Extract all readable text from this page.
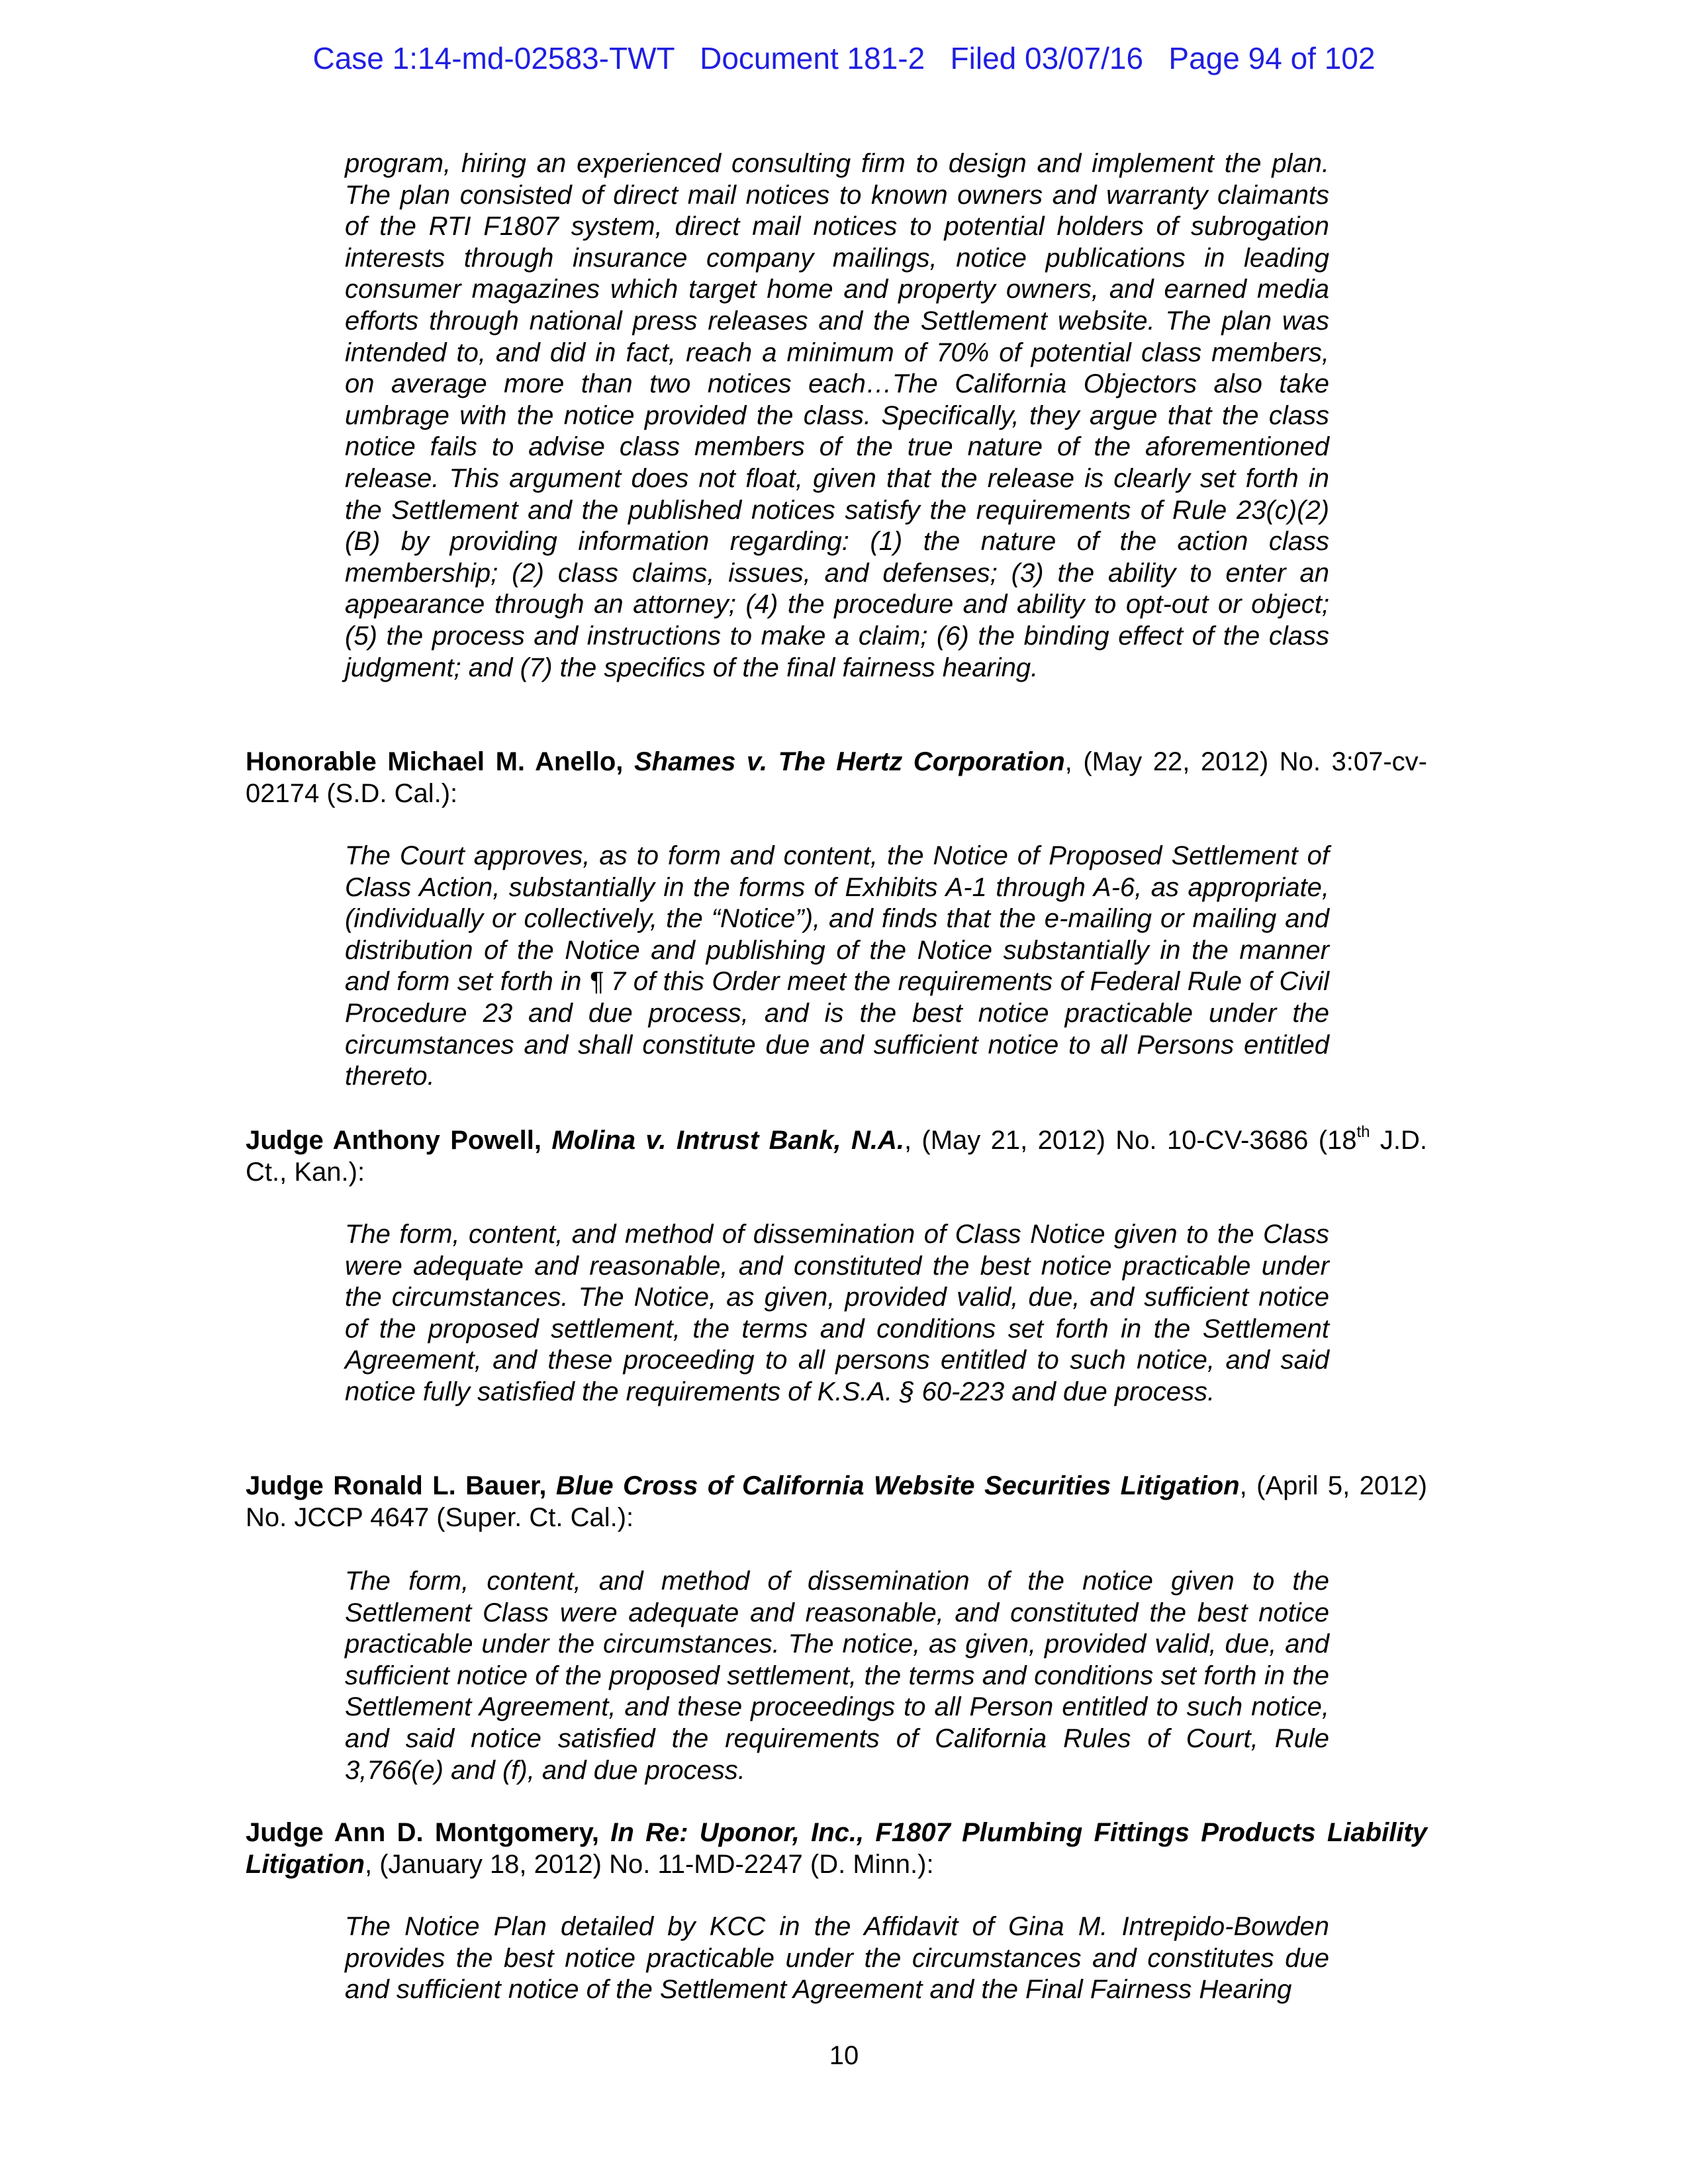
Case 1:14-md-02583-TWT Document 181-2 Filed 03/07/16 Page 94 of 102
program, hiring an experienced consulting firm to design and implement the plan. The plan consisted of direct mail notices to known owners and warranty claimants of the RTI F1807 system, direct mail notices to potential holders of subrogation interests through insurance company mailings, notice publications in leading consumer magazines which target home and property owners, and earned media efforts through national press releases and the Settlement website. The plan was intended to, and did in fact, reach a minimum of 70% of potential class members, on average more than two notices each…The California Objectors also take umbrage with the notice provided the class. Specifically, they argue that the class notice fails to advise class members of the true nature of the aforementioned release. This argument does not float, given that the release is clearly set forth in the Settlement and the published notices satisfy the requirements of Rule 23(c)(2)(B) by providing information regarding: (1) the nature of the action class membership; (2) class claims, issues, and defenses; (3) the ability to enter an appearance through an attorney; (4) the procedure and ability to opt-out or object; (5) the process and instructions to make a claim; (6) the binding effect of the class judgment; and (7) the specifics of the final fairness hearing.
Honorable Michael M. Anello, Shames v. The Hertz Corporation, (May 22, 2012) No. 3:07-cv-02174 (S.D. Cal.):
The Court approves, as to form and content, the Notice of Proposed Settlement of Class Action, substantially in the forms of Exhibits A-1 through A-6, as appropriate, (individually or collectively, the “Notice”), and finds that the e-mailing or mailing and distribution of the Notice and publishing of the Notice substantially in the manner and form set forth in ¶ 7 of this Order meet the requirements of Federal Rule of Civil Procedure 23 and due process, and is the best notice practicable under the circumstances and shall constitute due and sufficient notice to all Persons entitled thereto.
Judge Anthony Powell, Molina v. Intrust Bank, N.A., (May 21, 2012) No. 10-CV-3686 (18th J.D. Ct., Kan.):
The form, content, and method of dissemination of Class Notice given to the Class were adequate and reasonable, and constituted the best notice practicable under the circumstances. The Notice, as given, provided valid, due, and sufficient notice of the proposed settlement, the terms and conditions set forth in the Settlement Agreement, and these proceeding to all persons entitled to such notice, and said notice fully satisfied the requirements of K.S.A. § 60-223 and due process.
Judge Ronald L. Bauer, Blue Cross of California Website Securities Litigation, (April 5, 2012) No. JCCP 4647 (Super. Ct. Cal.):
The form, content, and method of dissemination of the notice given to the Settlement Class were adequate and reasonable, and constituted the best notice practicable under the circumstances. The notice, as given, provided valid, due, and sufficient notice of the proposed settlement, the terms and conditions set forth in the Settlement Agreement, and these proceedings to all Person entitled to such notice, and said notice satisfied the requirements of California Rules of Court, Rule 3,766(e) and (f), and due process.
Judge Ann D. Montgomery, In Re: Uponor, Inc., F1807 Plumbing Fittings Products Liability Litigation, (January 18, 2012) No. 11-MD-2247 (D. Minn.):
The Notice Plan detailed by KCC in the Affidavit of Gina M. Intrepido-Bowden provides the best notice practicable under the circumstances and constitutes due and sufficient notice of the Settlement Agreement and the Final Fairness Hearing
10
